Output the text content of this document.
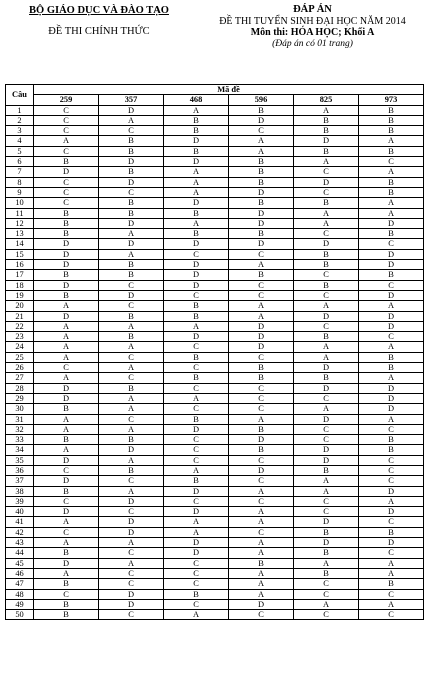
BỘ GIÁO DỤC VÀ ĐÀO TẠO
ĐỀ THI CHÍNH THỨC
ĐÁP ÁN
ĐỀ THI TUYỂN SINH ĐẠI HỌC NĂM 2014
Môn thi: HÓA HỌC; Khối A
(Đáp án có 01 trang)
Câu	Mã đề					
	259	357	468	596	825	973
1	C	D	A	B	A	B
2	C	A	B	D	B	B
3	C	C	B	C	B	B
4	A	B	D	A	D	A
5	C	B	B	A	B	B
6	B	D	D	B	A	C
7	D	B	A	B	C	A
8	C	D	A	B	D	B
9	C	C	A	D	C	B
10	C	B	D	B	B	A
11	B	B	B	D	A	A
12	B	D	A	D	A	D
13	B	A	B	B	C	B
14	D	D	D	D	D	C
15	D	A	C	C	B	D
16	D	B	D	A	B	D
17	B	B	D	B	C	B
18	D	C	D	C	B	C
19	B	D	C	C	C	D
20	A	C	B	A	A	A
21	D	B	B	A	D	D
22	A	A	A	D	C	D
23	A	B	D	D	B	C
24	A	A	C	D	A	A
25	A	C	B	C	A	B
26	C	A	C	B	D	B
27	A	C	B	B	B	A
28	D	B	C	C	D	D
29	D	A	A	C	C	D
30	B	A	C	C	A	D
31	A	C	B	A	D	A
32	A	A	D	B	C	C
33	B	B	C	D	C	B
34	A	D	C	B	D	B
35	D	A	C	C	D	C
36	C	B	A	D	B	C
37	D	C	B	C	A	C
38	B	A	D	A	A	D
39	C	D	C	C	C	A
40	D	C	D	A	C	D
41	A	D	A	A	D	C
42	C	D	A	C	B	B
43	A	A	D	A	D	D
44	B	C	D	A	B	C
45	D	A	C	B	A	A
46	A	C	C	A	B	A
47	B	C	C	A	C	B
48	C	D	B	A	C	C
49	B	D	C	D	A	A
50	B	C	A	C	C	C
